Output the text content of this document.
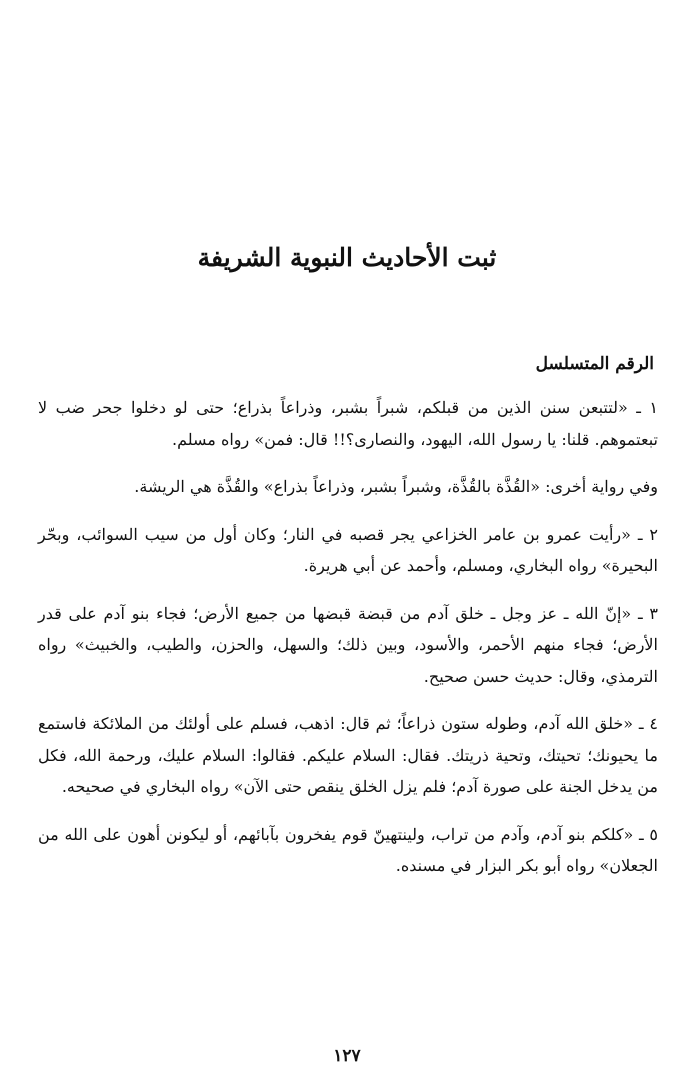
ثبت الأحاديث النبوية الشريفة
الرقم المتسلسل

١ ـ «لتتبعن سنن الذين من قبلكم، شبراً بشبر، وذراعاً بذراع؛ حتى لو دخلوا جحر ضب لا تبعتموهم. قلنا: يا رسول الله، اليهود، والنصارى؟!! قال: فمن» رواه مسلم.

وفي رواية أخرى: «القُذَّة بالقُذَّة، وشبراً بشبر، وذراعاً بذراع» والقُذَّة هي الريشة.

٢ ـ «رأيت عمرو بن عامر الخزاعي يجر قصبه في النار؛ وكان أول من سيب السوائب، وبحّر البحيرة» رواه البخاري، ومسلم، وأحمد عن أبي هريرة.

٣ ـ «إنّ الله ـ عز وجل ـ خلق آدم من قبضة قبضها من جميع الأرض؛ فجاء بنو آدم على قدر الأرض؛ فجاء منهم الأحمر، والأسود، وبين ذلك؛ والسهل، والحزن، والطيب، والخبيث» رواه الترمذي، وقال: حديث حسن صحيح.

٤ ـ «خلق الله آدم، وطوله ستون ذراعاً؛ ثم قال: اذهب، فسلم على أولئك من الملائكة فاستمع ما يحيونك؛ تحيتك، وتحية ذريتك. فقال: السلام عليكم. فقالوا: السلام عليك، ورحمة الله، فكل من يدخل الجنة على صورة آدم؛ فلم يزل الخلق ينقص حتى الآن» رواه البخاري في صحيحه.

٥ ـ «كلكم بنو آدم، وآدم من تراب، ولينتهينّ قوم يفخرون بآبائهم، أو ليكونن أهون على الله من الجعلان» رواه أبو بكر البزار في مسنده.

١٢٧
